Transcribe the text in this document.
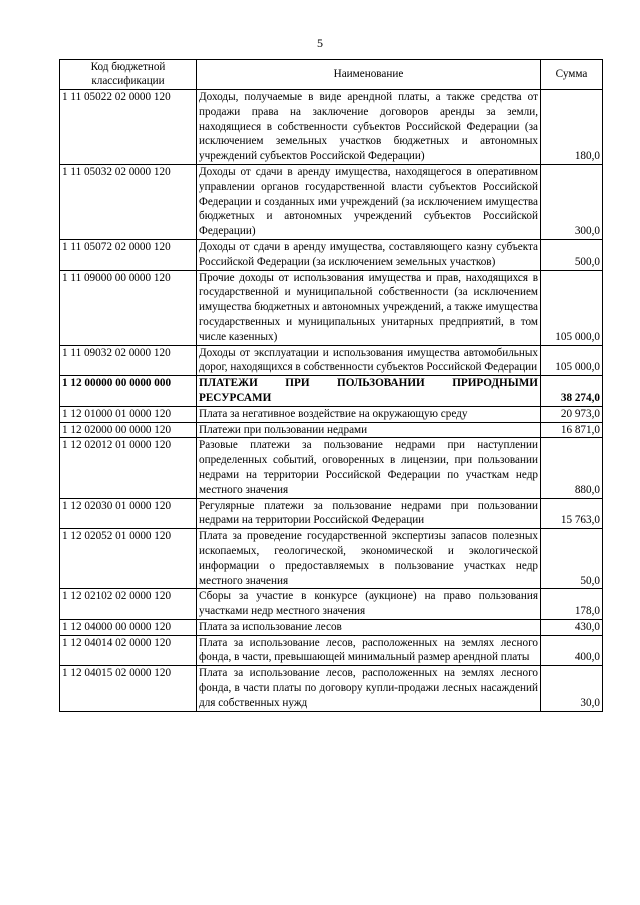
5
Код бюджетной классификации	Наименование	Сумма
1 11 05022 02 0000 120	Доходы, получаемые в виде арендной платы, а также средства от продажи права на заключение договоров аренды за земли, находящиеся в собственности субъектов Российской Федерации (за исключением земельных участков бюджетных и автономных учреждений субъектов Российской Федерации)	180,0
1 11 05032 02 0000 120	Доходы от сдачи в аренду имущества, находящегося в оперативном управлении органов государственной власти субъектов Российской Федерации и созданных ими учреждений (за исключением имущества бюджетных и автономных учреждений субъектов Российской Федерации)	300,0
1 11 05072 02 0000 120	Доходы от сдачи в аренду имущества, составляющего казну субъекта Российской Федерации (за исключением земельных участков)	500,0
1 11 09000 00 0000 120	Прочие доходы от использования имущества и прав, находящихся в государственной и муниципальной собственности (за исключением имущества бюджетных и автономных учреждений, а также имущества государственных и муниципальных унитарных предприятий, в том числе казенных)	105 000,0
1 11 09032 02 0000 120	Доходы от эксплуатации и использования имущества автомобильных дорог, находящихся в собственности субъектов Российской Федерации	105 000,0
1 12 00000 00 0000 000	ПЛАТЕЖИ ПРИ ПОЛЬЗОВАНИИ ПРИРОДНЫМИ РЕСУРСАМИ	38 274,0
1 12 01000 01 0000 120	Плата за негативное воздействие на окружающую среду	20 973,0
1 12 02000 00 0000 120	Платежи при пользовании недрами	16 871,0
1 12 02012 01 0000 120	Разовые платежи за пользование недрами при наступлении определенных событий, оговоренных в лицензии, при пользовании недрами на территории Российской Федерации по участкам недр местного значения	880,0
1 12 02030 01 0000 120	Регулярные платежи за пользование недрами при пользовании недрами на территории Российской Федерации	15 763,0
1 12 02052 01 0000 120	Плата за проведение государственной экспертизы запасов полезных ископаемых, геологической, экономической и экологической информации о предоставляемых в пользование участках недр местного значения	50,0
1 12 02102 02 0000 120	Сборы за участие в конкурсе (аукционе) на право пользования участками недр местного значения	178,0
1 12 04000 00 0000 120	Плата за использование лесов	430,0
1 12 04014 02 0000 120	Плата за использование лесов, расположенных на землях лесного фонда, в части, превышающей минимальный размер арендной платы	400,0
1 12 04015 02 0000 120	Плата за использование лесов, расположенных на землях лесного фонда, в части платы по договору купли-продажи лесных насаждений для собственных нужд	30,0
